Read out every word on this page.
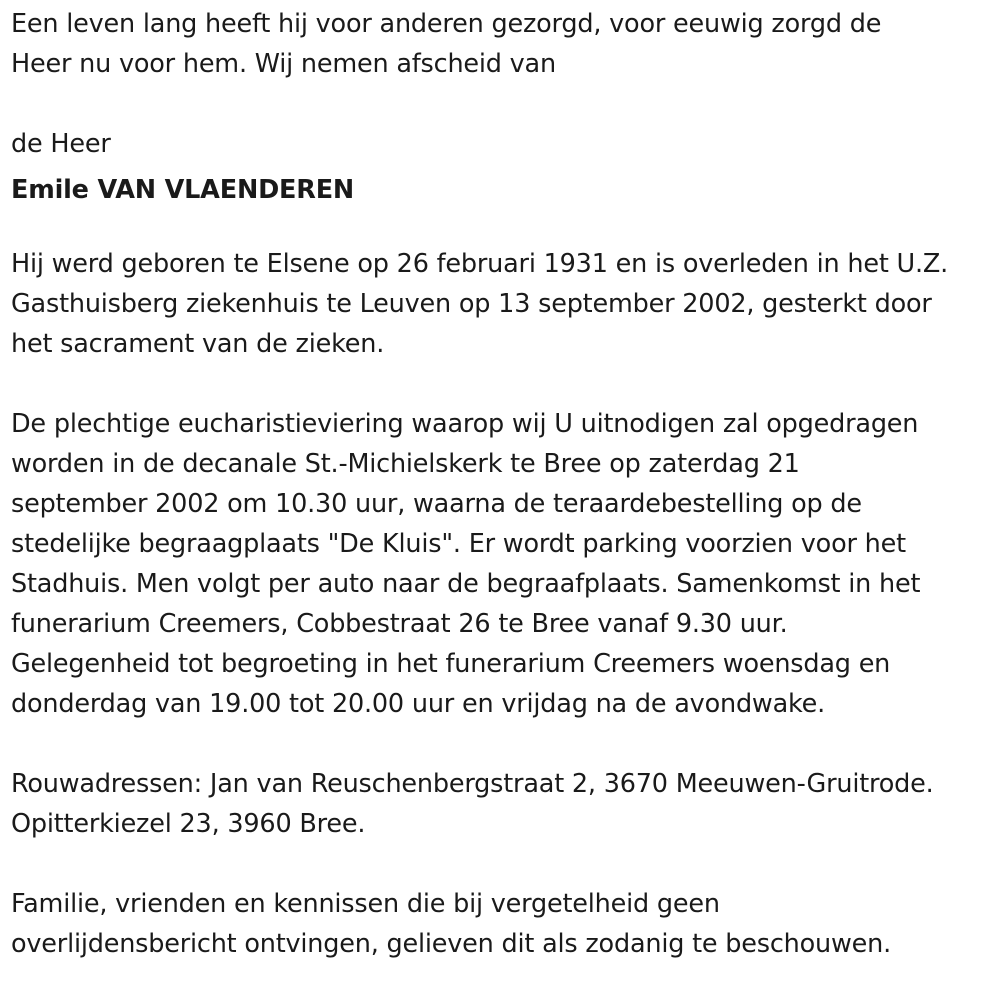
Een leven lang heeft hij voor anderen gezorgd, voor eeuwig zorgd de

Heer nu voor hem. Wij nemen afscheid van

de Heer

Emile VAN VLAENDEREN

Hij werd geboren te Elsene op 26 februari 1931 en is overleden in het U.Z.

Gasthuisberg ziekenhuis te Leuven op 13 september 2002, gesterkt door

het sacrament van de zieken.

De plechtige eucharistieviering waarop wij U uitnodigen zal opgedragen

worden in de decanale St.-Michielskerk te Bree op zaterdag 21

september 2002 om 10.30 uur, waarna de teraardebestelling op de

stedelijke begraagplaats "De Kluis". Er wordt parking voorzien voor het

Stadhuis. Men volgt per auto naar de begraafplaats. Samenkomst in het

funerarium Creemers, Cobbestraat 26 te Bree vanaf 9.30 uur.

Gelegenheid tot begroeting in het funerarium Creemers woensdag en

donderdag van 19.00 tot 20.00 uur en vrijdag na de avondwake.

Rouwadressen: Jan van Reuschenbergstraat 2, 3670 Meeuwen-Gruitrode.

Opitterkiezel 23, 3960 Bree.

Familie, vrienden en kennissen die bij vergetelheid geen

overlijdensbericht ontvingen, gelieven dit als zodanig te beschouwen.
